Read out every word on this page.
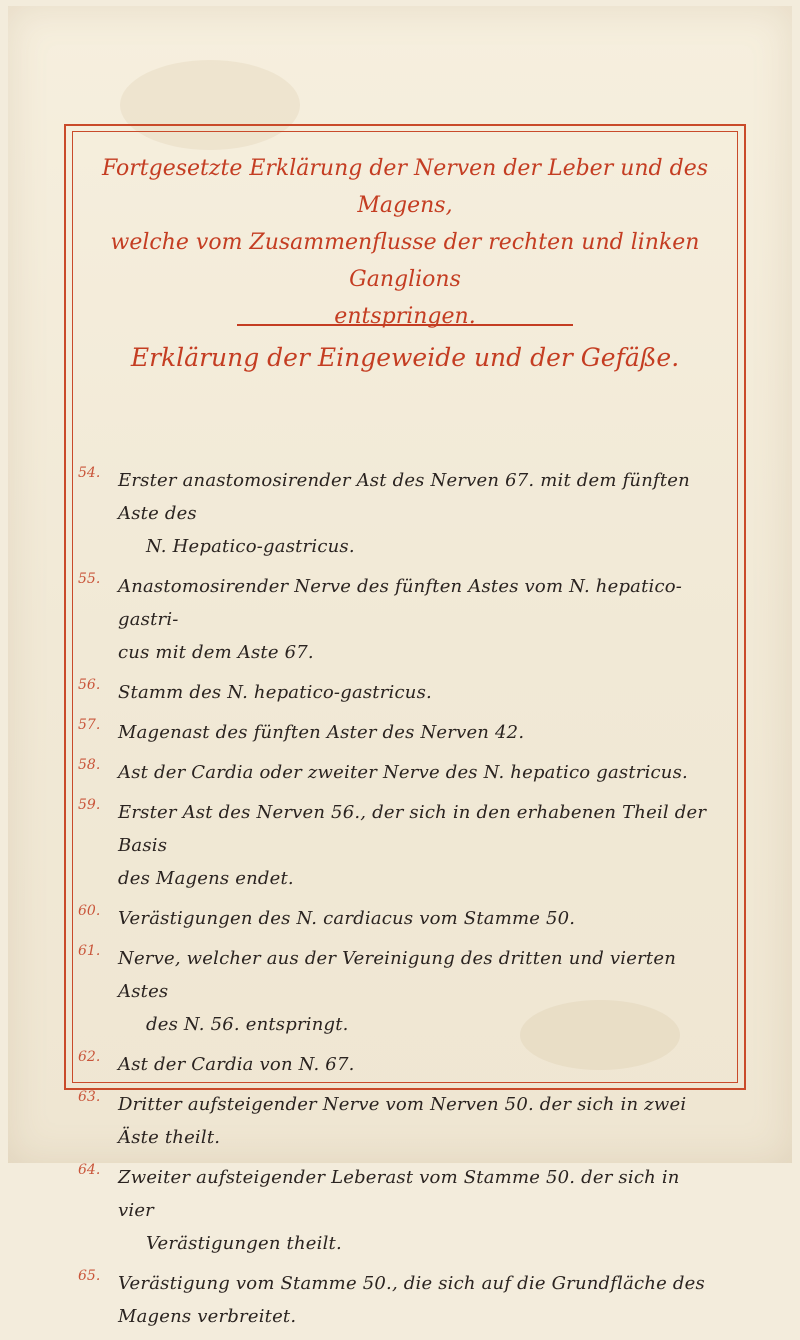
Fortgesetzte Erklärung der Nerven der Leber und des Magens,
welche vom Zusammenflusse der rechten und linken Ganglions
entspringen.
Erklärung der Eingeweide und der Gefäße.
54. Erster anastomosirender Ast des Nerven 67. mit dem fünften Aste des
N. Hepatico-gastricus.
55. Anastomosirender Nerve des fünften Astes vom N. hepatico-gastri-
cus mit dem Aste 67.
56. Stamm des N. hepatico-gastricus.
57. Magenast des fünften Aster des Nerven 42.
58. Ast der Cardia oder zweiter Nerve des N. hepatico gastricus.
59. Erster Ast des Nerven 56., der sich in den erhabenen Theil der Basis
des Magens endet.
60. Verästigungen des N. cardiacus vom Stamme 50.
61. Nerve, welcher aus der Vereinigung des dritten und vierten Astes
des N. 56. entspringt.
62. Ast der Cardia von N. 67.
63. Dritter aufsteigender Nerve vom Nerven 50. der sich in zwei Äste theilt.
64. Zweiter aufsteigender Leberast vom Stamme 50. der sich in vier
Verästigungen theilt.
65. Verästigung vom Stamme 50., die sich auf die Grundfläche des
Magens verbreitet.
